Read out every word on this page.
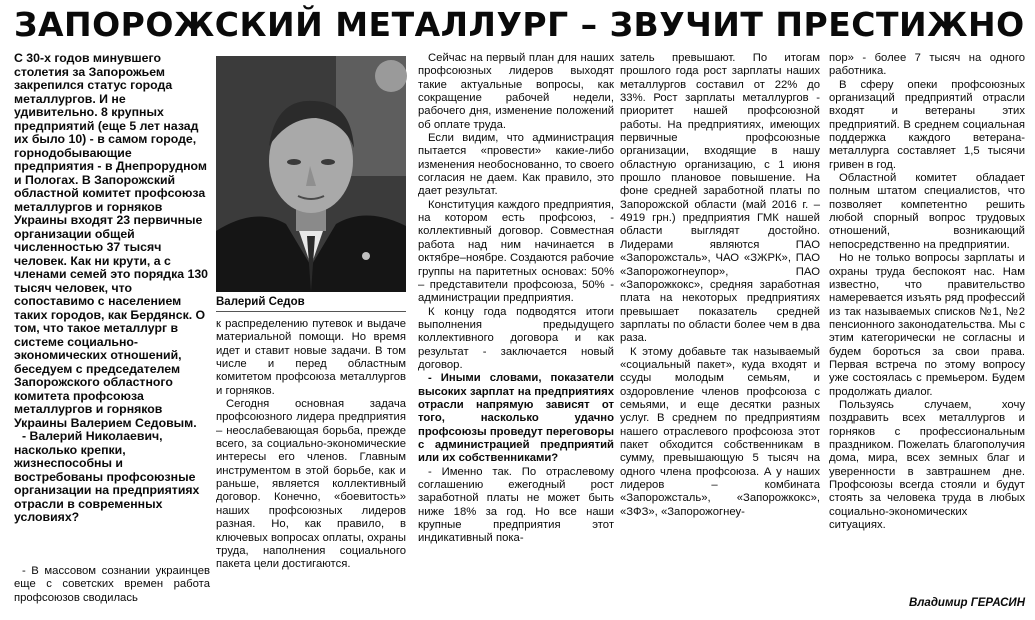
ЗАПОРОЖСКИЙ МЕТАЛЛУРГ – ЗВУЧИТ ПРЕСТИЖНО

С 30-х годов минувшего столетия за Запорожьем закрепился статус города металлургов. И не удивительно. 8 крупных предприятий (еще 5 лет назад их было 10) - в самом городе, горнодобывающие предприятия - в Днепрорудном и Пологах. В Запорожский областной комитет профсоюза металлургов и горняков Украины входят 23 первичные организации общей численностью 37 тысяч человек. Как ни крути, а с членами семей это порядка 130 тысяч человек, что сопоставимо с населением таких городов, как Бердянск. О том, что такое металлург в системе социально-экономических отношений, беседуем с председателем Запорожского областного комитета профсоюза металлургов и горняков Украины Валерием Седовым.

- Валерий Николаевич, насколько крепки, жизнеспособны и востребованы профсоюзные организации на предприятиях отрасли в современных условиях?

- В массовом сознании украинцев еще с советских времен работа профсоюзов сводилась

Валерий Седов

к распределению путевок и выдаче материальной помощи. Но время идет и ставит новые задачи. В том числе и перед областным комитетом профсоюза металлургов и горняков.

Сегодня основная задача профсоюзного лидера предприятия – неослабевающая борьба, прежде всего, за социально-экономические интересы его членов. Главным инструментом в этой борьбе, как и раньше, является коллективный договор. Конечно, «боевитость» наших профсоюзных лидеров разная. Но, как правило, в ключевых вопросах оплаты, охраны труда, наполнения социального пакета цели достигаются.

Сейчас на первый план для наших профсоюзных лидеров выходят такие актуальные вопросы, как сокращение рабочей недели, рабочего дня, изменение положений об оплате труда.

Если видим, что администрация пытается «провести» какие-либо изменения необоснованно, то своего согласия не даем. Как правило, это дает результат.

Конституция каждого предприятия, на котором есть профсоюз, - коллективный договор. Совместная работа над ним начинается в октябре–ноябре. Создаются рабочие группы на паритетных основах: 50% – представители профсоюза, 50% - администрации предприятия.

К концу года подводятся итоги выполнения предыдущего коллективного договора и как результат - заключается новый договор.

- Иными словами, показатели высоких зарплат на предприятиях отрасли напрямую зависят от того, насколько удачно профсоюзы проведут переговоры с администрацией предприятий или их собственниками?

- Именно так. По отраслевому соглашению ежегодный рост заработной платы не может быть ниже 18% за год. Но все наши крупные предприятия этот индикативный пока-

затель превышают. По итогам прошлого года рост зарплаты наших металлургов составил от 22% до 33%. Рост зарплаты металлургов - приоритет нашей профсоюзной работы. На предприятиях, имеющих первичные профсоюзные организации, входящие в нашу областную организацию, с 1 июня прошло плановое повышение. На фоне средней заработной платы по Запорожской области (май 2016 г. – 4919 грн.) предприятия ГМК нашей области выглядят достойно. Лидерами являются ПАО «Запорожсталь», ЧАО «ЗЖРК», ПАО «Запорожогнеупор», ПАО «Запорожкокс», средняя заработная плата на некоторых предприятиях превышает показатель средней зарплаты по области более чем в два раза.

К этому добавьте так называемый «социальный пакет», куда входят и ссуды молодым семьям, и оздоровление членов профсоюза с семьями, и еще десятки разных услуг. В среднем по предприятиям нашего отраслевого профсоюза этот пакет обходится собственникам в сумму, превышающую 5 тысяч на одного члена профсоюза. А у наших лидеров – комбината «Запорожсталь», «Запорожкокс», «ЗФЗ», «Запорожогнеу-

пор» - более 7 тысяч на одного работника.

В сферу опеки профсоюзных организаций предприятий отрасли входят и ветераны этих предприятий. В среднем социальная поддержка каждого ветерана-металлурга составляет 1,5 тысячи гривен в год.

Областной комитет обладает полным штатом специалистов, что позволяет компетентно решить любой спорный вопрос трудовых отношений, возникающий непосредственно на предприятии.

Но не только вопросы зарплаты и охраны труда беспокоят нас. Нам известно, что правительство намеревается изъять ряд профессий из так называемых списков №1, №2 пенсионного законодательства. Мы с этим категорически не согласны и будем бороться за свои права. Первая встреча по этому вопросу уже состоялась с премьером. Будем продолжать диалог.

Пользуясь случаем, хочу поздравить всех металлургов и горняков с профессиональным праздником. Пожелать благополучия дома, мира, всех земных благ и уверенности в завтрашнем дне. Профсоюзы всегда стояли и будут стоять за человека труда в любых социально-экономических ситуациях.

Владимир ГЕРАСИН
